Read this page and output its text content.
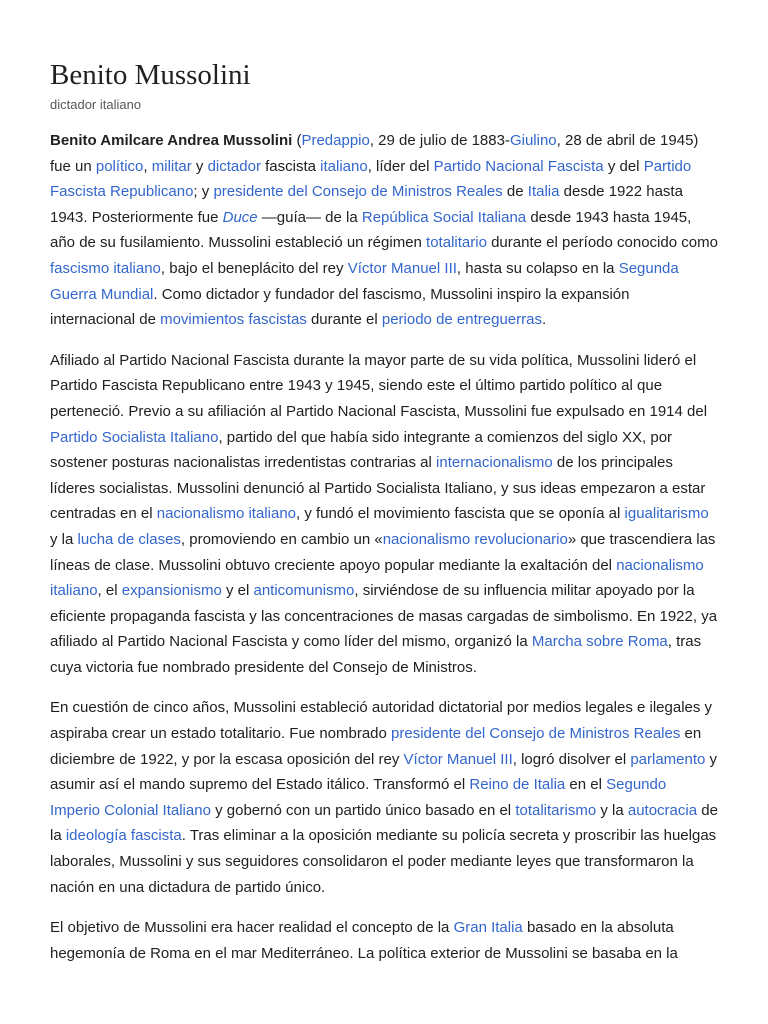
Benito Mussolini
dictador italiano

Benito Amilcare Andrea Mussolini (Predappio, 29 de julio de 1883-Giulino, 28 de abril de 1945) fue un político, militar y dictador fascista italiano, líder del Partido Nacional Fascista y del Partido Fascista Republicano; y presidente del Consejo de Ministros Reales de Italia desde 1922 hasta 1943. Posteriormente fue Duce —guía— de la República Social Italiana desde 1943 hasta 1945, año de su fusilamiento. Mussolini estableció un régimen totalitario durante el período conocido como fascismo italiano, bajo el beneplácito del rey Víctor Manuel III, hasta su colapso en la Segunda Guerra Mundial. Como dictador y fundador del fascismo, Mussolini inspiro la expansión internacional de movimientos fascistas durante el periodo de entreguerras.

Afiliado al Partido Nacional Fascista durante la mayor parte de su vida política, Mussolini lideró el Partido Fascista Republicano entre 1943 y 1945, siendo este el último partido político al que perteneció. Previo a su afiliación al Partido Nacional Fascista, Mussolini fue expulsado en 1914 del Partido Socialista Italiano, partido del que había sido integrante a comienzos del siglo XX, por sostener posturas nacionalistas irredentistas contrarias al internacionalismo de los principales líderes socialistas. Mussolini denunció al Partido Socialista Italiano, y sus ideas empezaron a estar centradas en el nacionalismo italiano, y fundó el movimiento fascista que se oponía al igualitarismo y la lucha de clases, promoviendo en cambio un «nacionalismo revolucionario» que trascendiera las líneas de clase. Mussolini obtuvo creciente apoyo popular mediante la exaltación del nacionalismo italiano, el expansionismo y el anticomunismo, sirviéndose de su influencia militar apoyado por la eficiente propaganda fascista y las concentraciones de masas cargadas de simbolismo. En 1922, ya afiliado al Partido Nacional Fascista y como líder del mismo, organizó la Marcha sobre Roma, tras cuya victoria fue nombrado presidente del Consejo de Ministros.

En cuestión de cinco años, Mussolini estableció autoridad dictatorial por medios legales e ilegales y aspiraba crear un estado totalitario. Fue nombrado presidente del Consejo de Ministros Reales en diciembre de 1922, y por la escasa oposición del rey Víctor Manuel III, logró disolver el parlamento y asumir así el mando supremo del Estado itálico. Transformó el Reino de Italia en el Segundo Imperio Colonial Italiano y gobernó con un partido único basado en el totalitarismo y la autocracia de la ideología fascista. Tras eliminar a la oposición mediante su policía secreta y proscribir las huelgas laborales, Mussolini y sus seguidores consolidaron el poder mediante leyes que transformaron la nación en una dictadura de partido único.

El objetivo de Mussolini era hacer realidad el concepto de la Gran Italia basado en la absoluta hegemonía de Roma en el mar Mediterráneo. La política exterior de Mussolini se basaba en la
